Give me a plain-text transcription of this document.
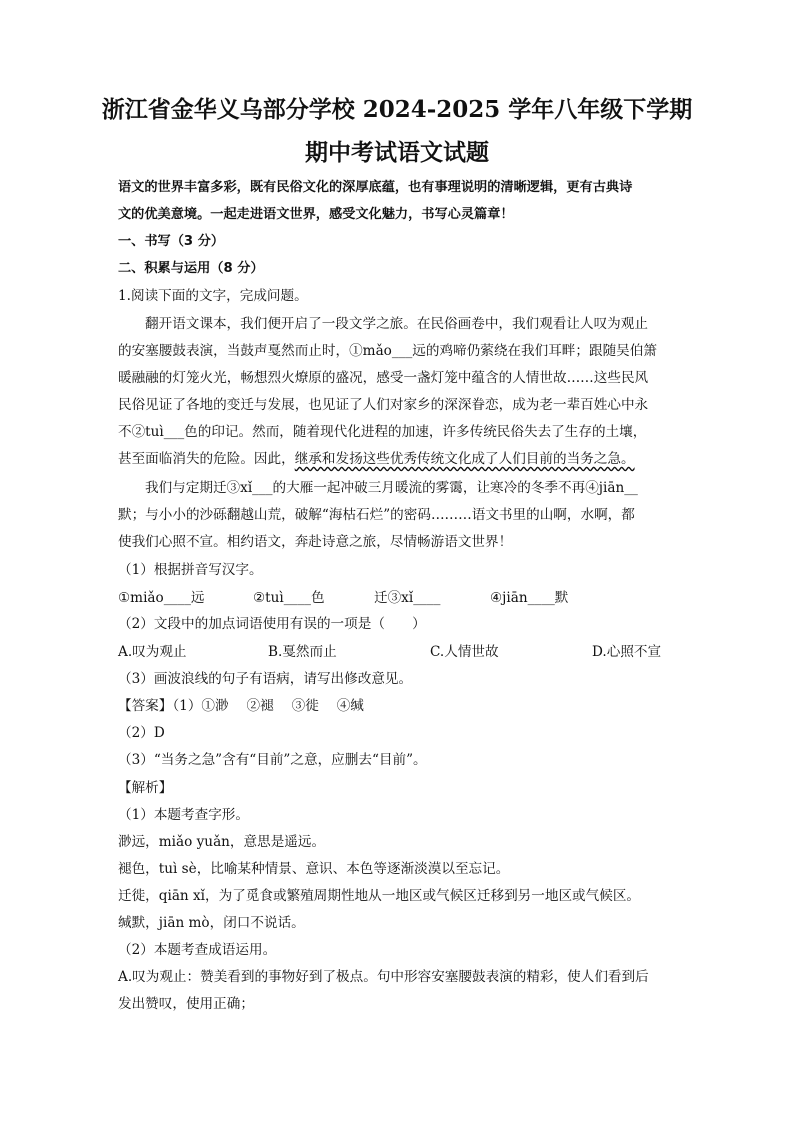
浙江省金华义乌部分学校 2024-2025 学年八年级下学期
期中考试语文试题

语文的世界丰富多彩，既有民俗文化的深厚底蕴，也有事理说明的清晰逻辑，更有古典诗

文的优美意境。一起走进语文世界，感受文化魅力，书写心灵篇章！

一、书写（3 分）

二、积累与运用（8 分）

1.阅读下面的文字，完成问题。

翻开语文课本，我们便开启了一段文学之旅。在民俗画卷中，我们观看让人叹为观止

的安塞腰鼓表演，当鼓声戛然而止时，①mǎo___远的鸡啼仍萦绕在我们耳畔；跟随吴伯箫

暖融融的灯笼火光，畅想烈火燎原的盛况，感受一盏灯笼中蕴含的人情世故……这些民风

民俗见证了各地的变迁与发展，也见证了人们对家乡的深深眷恋，成为老一辈百姓心中永

不②tuì___色的印记。然而，随着现代化进程的加速，许多传统民俗失去了生存的土壤，

甚至面临消失的危险。因此，继承和发扬这些优秀传统文化成了人们目前的当务之急。

我们与定期迁③xǐ___的大雁一起冲破三月暖流的雾霭，让寒冷的冬季不再④jiān__

默；与小小的沙砾翻越山荒，破解“海枯石烂”的密码………语文书里的山啊，水啊，都

使我们心照不宣。相约语文，奔赴诗意之旅，尽情畅游语文世界！

（1）根据拼音写汉字。

①miǎo____远	②tuì____色	迁③xǐ____	④jiān____默

（2）文段中的加点词语使用有误的一项是（　　）

A.叹为观止	B.戛然而止	C.人情世故	D.心照不宣

（3）画波浪线的句子有语病，请写出修改意见。

【答案】（1）①渺　 ②褪　 ③徙　 ④缄

（2）D

（3）“当务之急”含有“目前”之意，应删去“目前”。

【解析】

（1）本题考查字形。

渺远，miǎo yuǎn，意思是遥远。

褪色，tuì sè，比喻某种情景、意识、本色等逐渐淡漠以至忘记。

迁徙，qiān xǐ，为了觅食或繁殖周期性地从一地区或气候区迁移到另一地区或气候区。

缄默，jiān mò，闭口不说话。

（2）本题考查成语运用。

A.叹为观止：赞美看到的事物好到了极点。句中形容安塞腰鼓表演的精彩，使人们看到后

发出赞叹，使用正确；
